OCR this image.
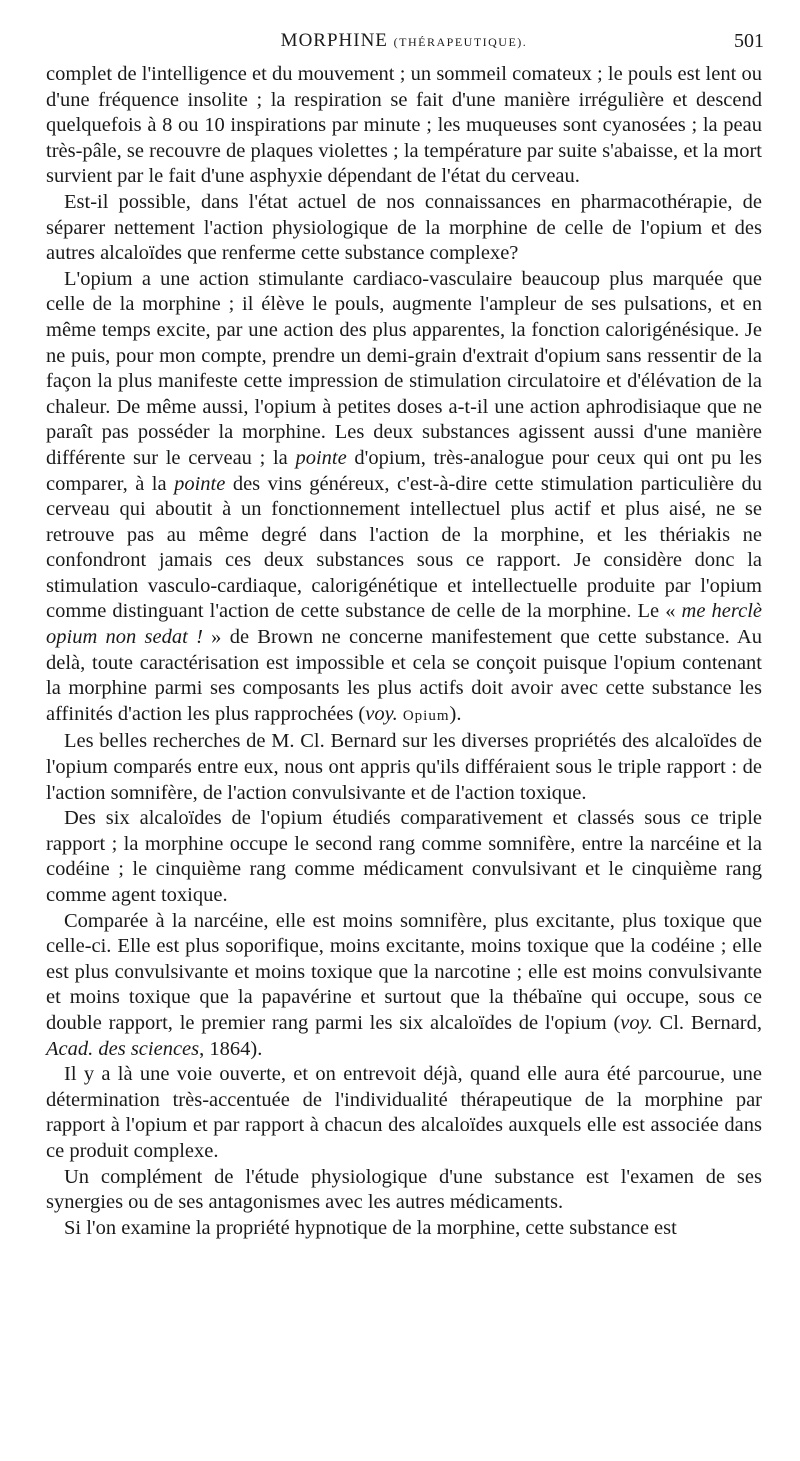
MORPHINE (THÉRAPEUTIQUE).	501

complet de l'intelligence et du mouvement ; un sommeil comateux ; le pouls est lent ou d'une fréquence insolite ; la respiration se fait d'une manière irrégulière et descend quelquefois à 8 ou 10 inspirations par minute ; les muqueuses sont cyanosées ; la peau très-pâle, se recouvre de plaques violettes ; la température par suite s'abaisse, et la mort survient par le fait d'une asphyxie dépendant de l'état du cerveau.

Est-il possible, dans l'état actuel de nos connaissances en pharmacothérapie, de séparer nettement l'action physiologique de la morphine de celle de l'opium et des autres alcaloïdes que renferme cette substance complexe?

L'opium a une action stimulante cardiaco-vasculaire beaucoup plus marquée que celle de la morphine ; il élève le pouls, augmente l'ampleur de ses pulsations, et en même temps excite, par une action des plus apparentes, la fonction calorigénésique. Je ne puis, pour mon compte, prendre un demi-grain d'extrait d'opium sans ressentir de la façon la plus manifeste cette impression de stimulation circulatoire et d'élévation de la chaleur. De même aussi, l'opium à petites doses a-t-il une action aphrodisiaque que ne paraît pas posséder la morphine. Les deux substances agissent aussi d'une manière différente sur le cerveau ; la pointe d'opium, très-analogue pour ceux qui ont pu les comparer, à la pointe des vins généreux, c'est-à-dire cette stimulation particulière du cerveau qui aboutit à un fonctionnement intellectuel plus actif et plus aisé, ne se retrouve pas au même degré dans l'action de la morphine, et les thériakis ne confondront jamais ces deux substances sous ce rapport. Je considère donc la stimulation vasculo-cardiaque, calorigénétique et intellectuelle produite par l'opium comme distinguant l'action de cette substance de celle de la morphine. Le « me herclè opium non sedat ! » de Brown ne concerne manifestement que cette substance. Au delà, toute caractérisation est impossible et cela se conçoit puisque l'opium contenant la morphine parmi ses composants les plus actifs doit avoir avec cette substance les affinités d'action les plus rapprochées (voy. Opium).

Les belles recherches de M. Cl. Bernard sur les diverses propriétés des alcaloïdes de l'opium comparés entre eux, nous ont appris qu'ils différaient sous le triple rapport : de l'action somnifère, de l'action convulsivante et de l'action toxique.

Des six alcaloïdes de l'opium étudiés comparativement et classés sous ce triple rapport ; la morphine occupe le second rang comme somnifère, entre la narcéine et la codéine ; le cinquième rang comme médicament convulsivant et le cinquième rang comme agent toxique.

Comparée à la narcéine, elle est moins somnifère, plus excitante, plus toxique que celle-ci. Elle est plus soporifique, moins excitante, moins toxique que la codéine ; elle est plus convulsivante et moins toxique que la narcotine ; elle est moins convulsivante et moins toxique que la papavérine et surtout que la thébaïne qui occupe, sous ce double rapport, le premier rang parmi les six alcaloïdes de l'opium (voy. Cl. Bernard, Acad. des sciences, 1864).

Il y a là une voie ouverte, et on entrevoit déjà, quand elle aura été parcourue, une détermination très-accentuée de l'individualité thérapeutique de la morphine par rapport à l'opium et par rapport à chacun des alcaloïdes auxquels elle est associée dans ce produit complexe.

Un complément de l'étude physiologique d'une substance est l'examen de ses synergies ou de ses antagonismes avec les autres médicaments.

Si l'on examine la propriété hypnotique de la morphine, cette substance est
